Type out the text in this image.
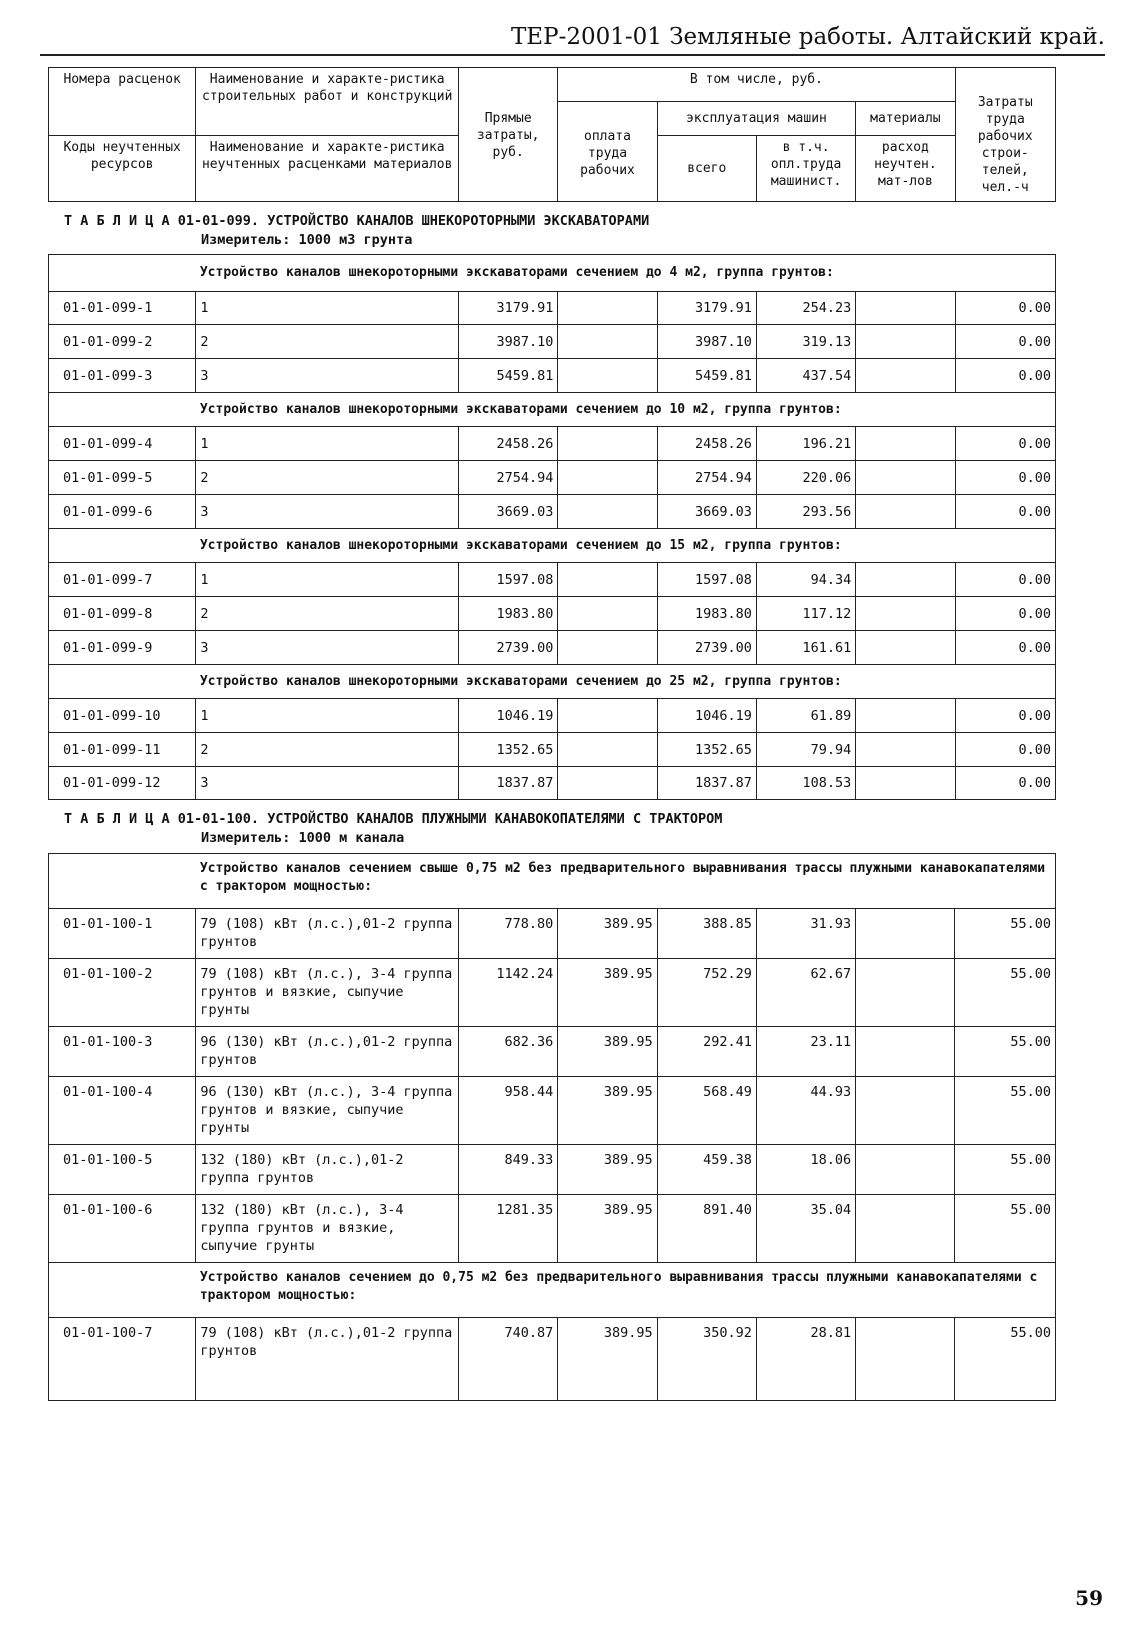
ТЕР-2001-01 Земляные работы. Алтайский край.
Номера расценок	Наименование и характе-ристика строительных работ и конструкций	Прямые затраты, руб.	В том числе, руб.				Затраты труда рабочих строи-телей, чел.-ч
			оплата труда рабочих	эксплуатация машин		материалы	
Коды неучтенных ресурсов	Наименование и характе-ристика неучтенных расценками материалов			всего	в т.ч. опл.труда машинист.	расход неучтен. мат-лов	
Т А Б Л И Ц А 01-01-099. УСТРОЙСТВО КАНАЛОВ ШНЕКОРОТОРНЫМИ ЭКСКАВАТОРАМИ
Измеритель: 1000 м3 грунта
	Устройство каналов шнекороторными экскаваторами сечением до 4 м2, группа грунтов:						
01-01-099-1	1	3179.91		3179.91	254.23		0.00
01-01-099-2	2	3987.10		3987.10	319.13		0.00
01-01-099-3	3	5459.81		5459.81	437.54		0.00
	Устройство каналов шнекороторными экскаваторами сечением до 10 м2, группа грунтов:						
01-01-099-4	1	2458.26		2458.26	196.21		0.00
01-01-099-5	2	2754.94		2754.94	220.06		0.00
01-01-099-6	3	3669.03		3669.03	293.56		0.00
	Устройство каналов шнекороторными экскаваторами сечением до 15 м2, группа грунтов:						
01-01-099-7	1	1597.08		1597.08	94.34		0.00
01-01-099-8	2	1983.80		1983.80	117.12		0.00
01-01-099-9	3	2739.00		2739.00	161.61		0.00
	Устройство каналов шнекороторными экскаваторами сечением до 25 м2, группа грунтов:						
01-01-099-10	1	1046.19		1046.19	61.89		0.00
01-01-099-11	2	1352.65		1352.65	79.94		0.00
01-01-099-12	3	1837.87		1837.87	108.53		0.00
Т А Б Л И Ц А 01-01-100. УСТРОЙСТВО КАНАЛОВ ПЛУЖНЫМИ КАНАВОКОПАТЕЛЯМИ С ТРАКТОРОМ
Измеритель: 1000 м канала
	Устройство каналов сечением свыше 0,75 м2 без предварительного выравнивания трассы плужными канавокапателями с трактором мощностью:						
01-01-100-1	79 (108) кВт (л.с.),01-2 группа грунтов	778.80	389.95	388.85	31.93		55.00
01-01-100-2	79 (108) кВт (л.с.), 3-4 группа грунтов и вязкие, сыпучие грунты	1142.24	389.95	752.29	62.67		55.00
01-01-100-3	96 (130) кВт (л.с.),01-2 группа грунтов	682.36	389.95	292.41	23.11		55.00
01-01-100-4	96 (130) кВт (л.с.), 3-4 группа грунтов и вязкие, сыпучие грунты	958.44	389.95	568.49	44.93		55.00
01-01-100-5	132 (180) кВт (л.с.),01-2 группа грунтов	849.33	389.95	459.38	18.06		55.00
01-01-100-6	132 (180) кВт (л.с.), 3-4 группа грунтов и вязкие, сыпучие грунты	1281.35	389.95	891.40	35.04		55.00
	Устройство каналов сечением до 0,75 м2 без предварительного выравнивания трассы плужными канавокапателями с трактором мощностью:						
01-01-100-7	79 (108) кВт (л.с.),01-2 группа грунтов	740.87	389.95	350.92	28.81		55.00
59
